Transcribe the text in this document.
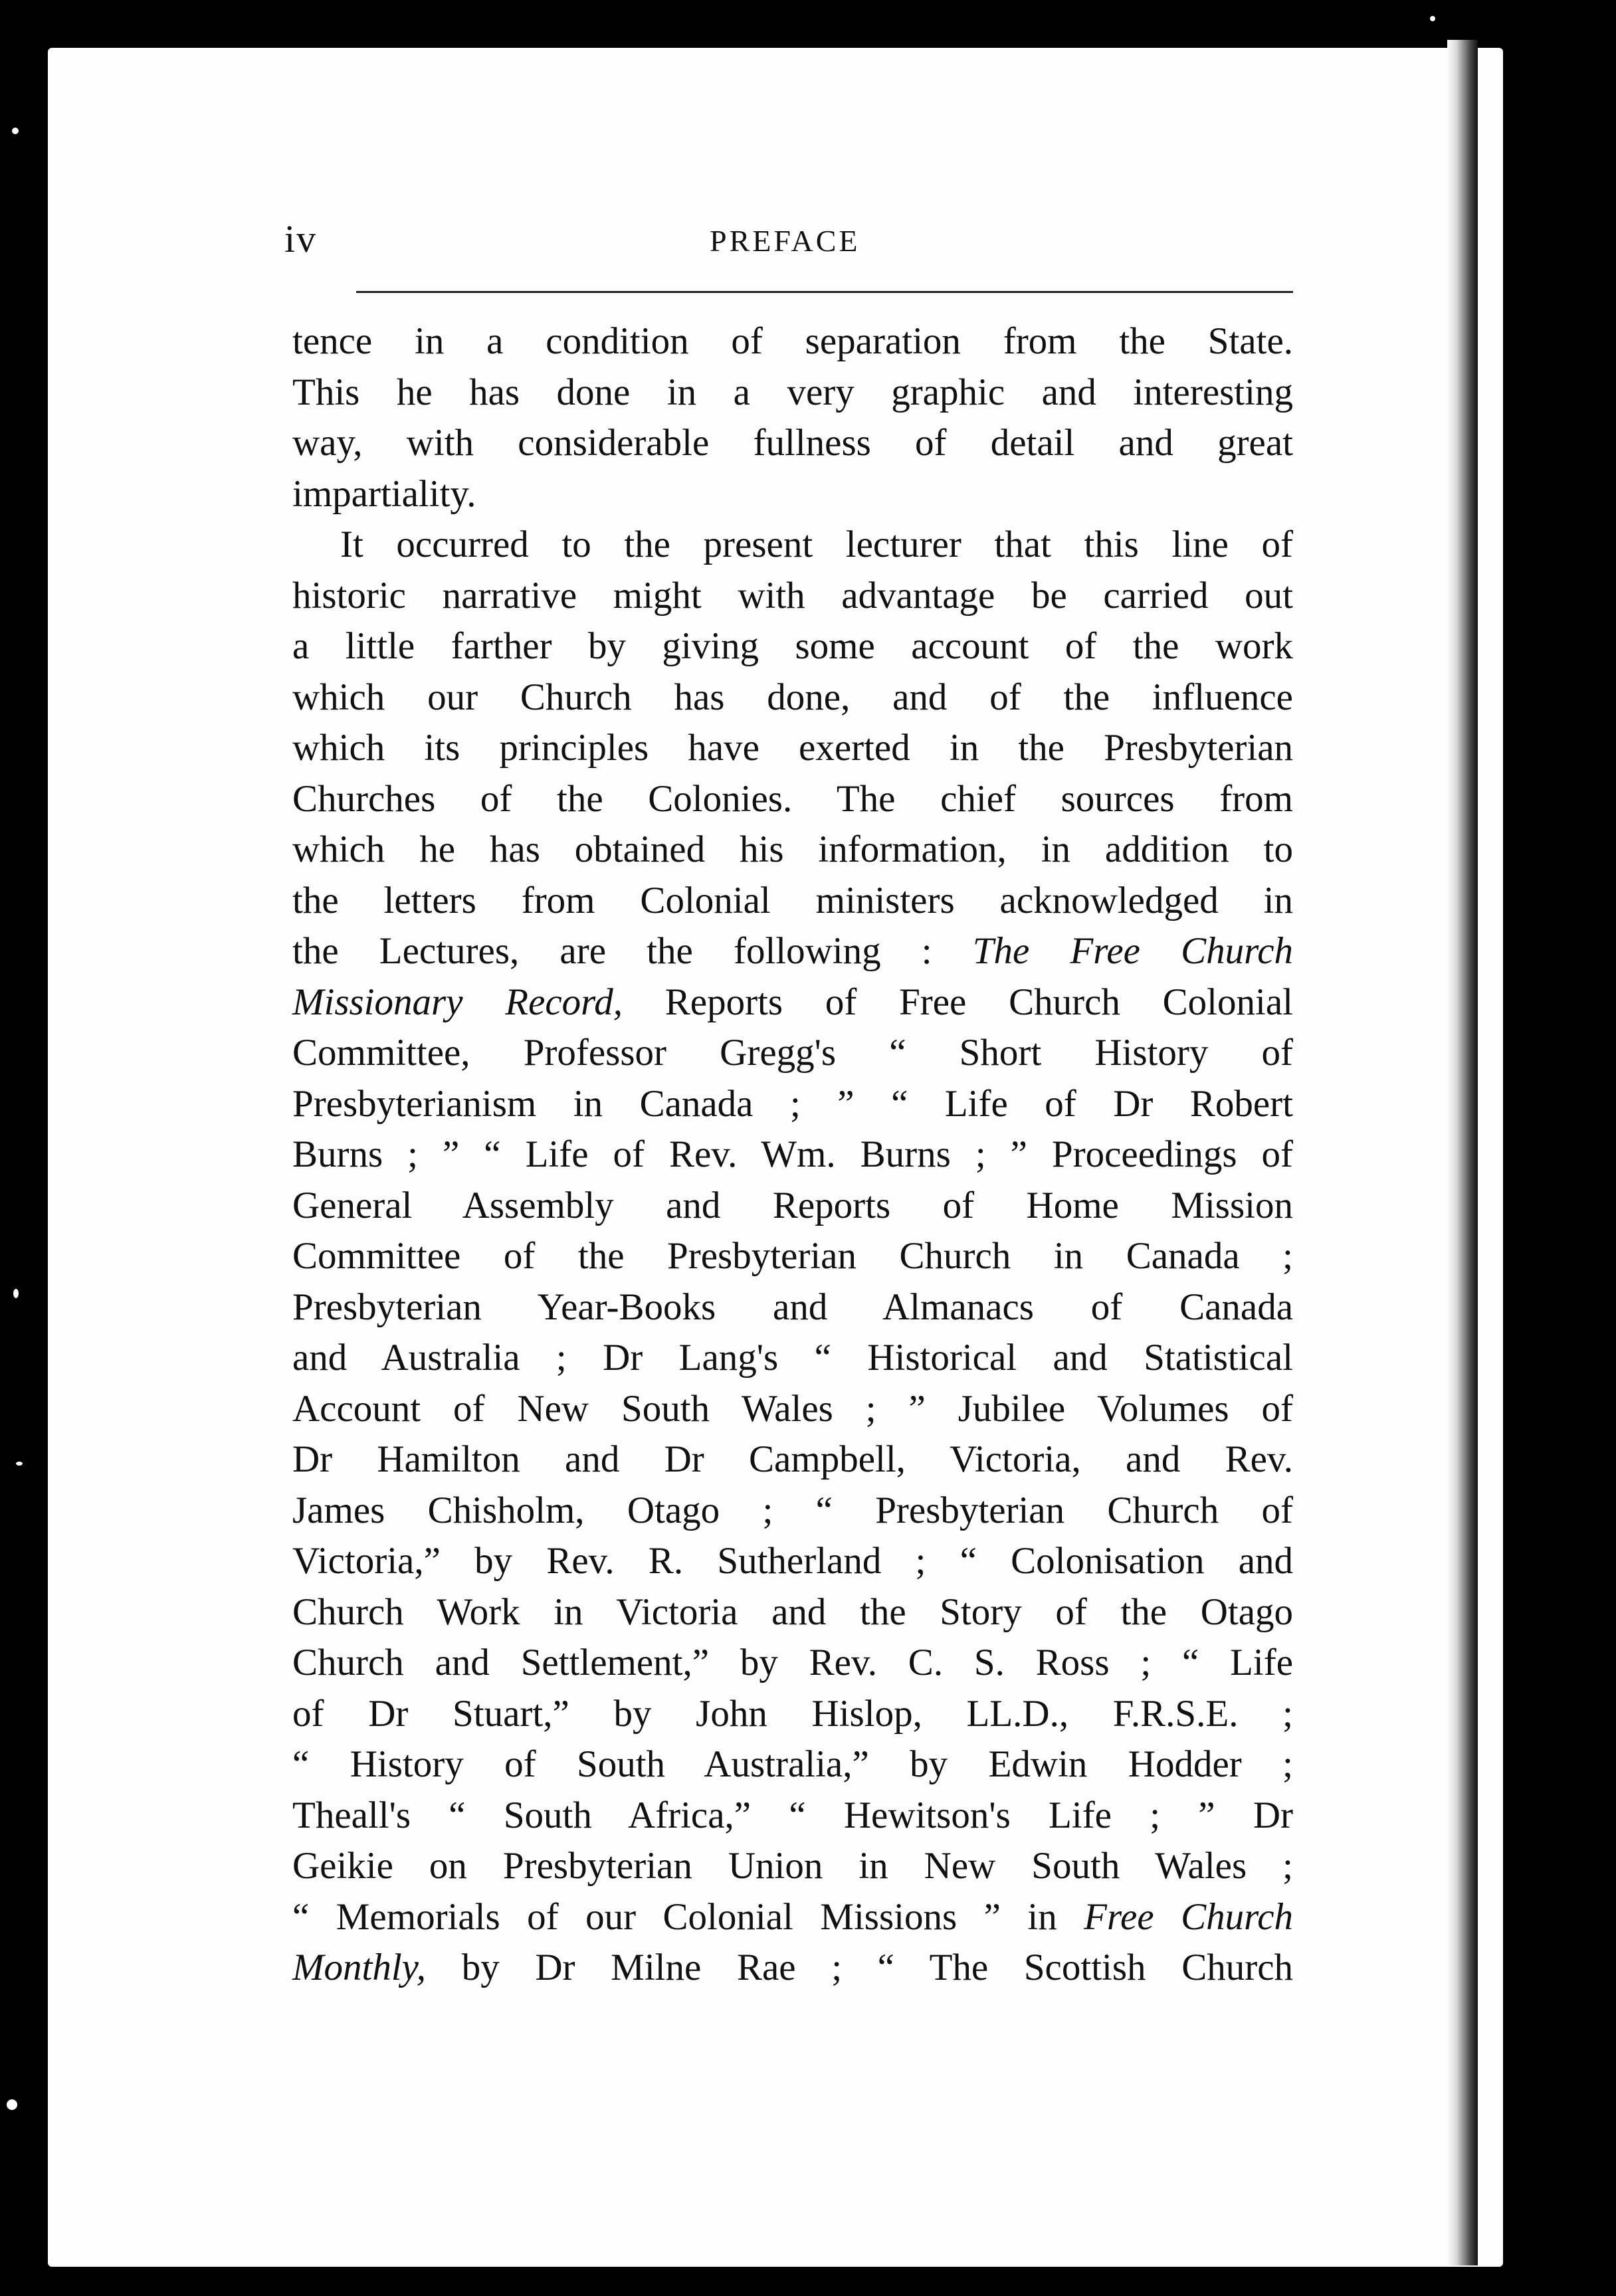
iv	PREFACE
tence in a condition of separation from the State.
This he has done in a very graphic and interesting
way, with considerable fullness of detail and great
impartiality.
It occurred to the present lecturer that this line of
historic narrative might with advantage be carried out
a little farther by giving some account of the work
which our Church has done, and of the influence
which its principles have exerted in the Presbyterian
Churches of the Colonies. The chief sources from
which he has obtained his information, in addition to
the letters from Colonial ministers acknowledged in
the Lectures, are the following : The Free Church
Missionary Record, Reports of Free Church Colonial
Committee, Professor Gregg's “ Short History of
Presbyterianism in Canada ; ” “ Life of Dr Robert
Burns ; ” “ Life of Rev. Wm. Burns ; ” Proceedings of
General Assembly and Reports of Home Mission
Committee of the Presbyterian Church in Canada ;
Presbyterian Year-Books and Almanacs of Canada
and Australia ; Dr Lang's “ Historical and Statistical
Account of New South Wales ; ” Jubilee Volumes of
Dr Hamilton and Dr Campbell, Victoria, and Rev.
James Chisholm, Otago ; “ Presbyterian Church of
Victoria,” by Rev. R. Sutherland ; “ Colonisation and
Church Work in Victoria and the Story of the Otago
Church and Settlement,” by Rev. C. S. Ross ; “ Life
of Dr Stuart,” by John Hislop, LL.D., F.R.S.E. ;
“ History of South Australia,” by Edwin Hodder ;
Theall's “ South Africa,” “ Hewitson's Life ; ” Dr
Geikie on Presbyterian Union in New South Wales ;
“ Memorials of our Colonial Missions ” in Free Church
Monthly, by Dr Milne Rae ; “ The Scottish Church
